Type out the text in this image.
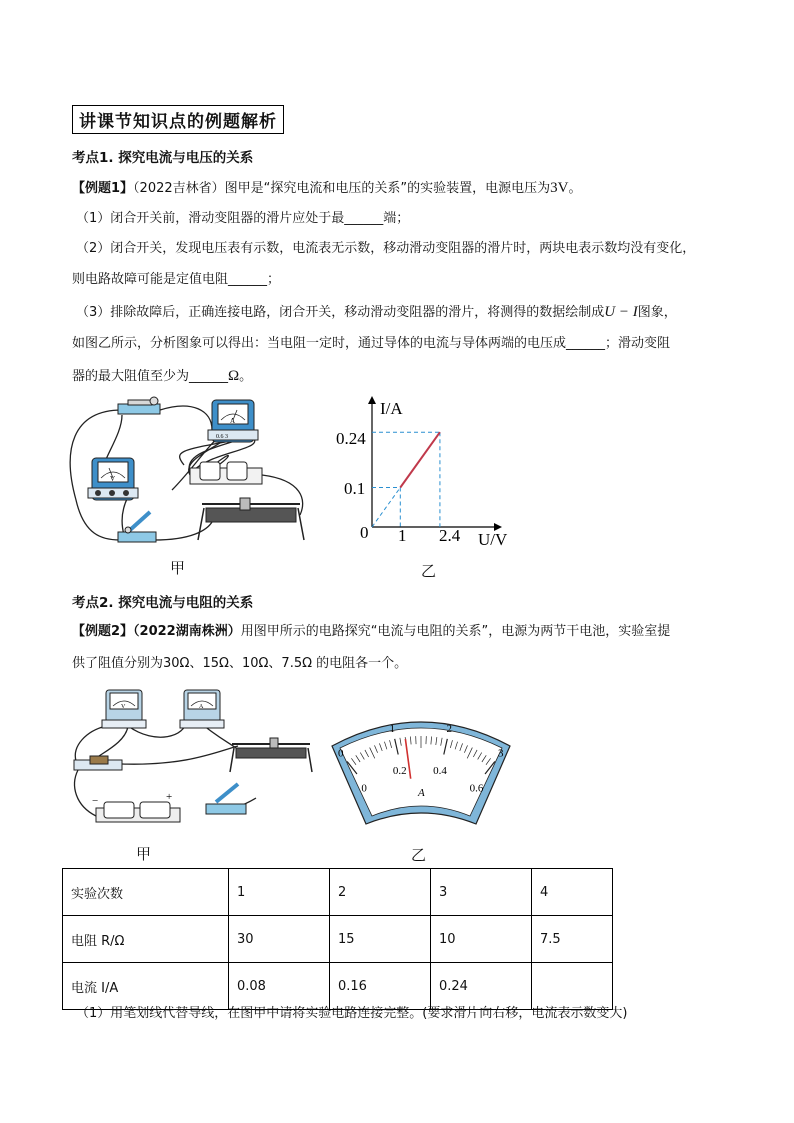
讲课节知识点的例题解析
考点1. 探究电流与电压的关系
【例题1】（2022吉林省）图甲是“探究电流和电压的关系”的实验装置，电源电压为3V。
（1）闭合开关前，滑动变阻器的滑片应处于最______端；
（2）闭合开关，发现电压表有示数，电流表无示数，移动滑动变阻器的滑片时，两块电表示数均没有变化，
则电路故障可能是定值电阻______；
（3）排除故障后，正确连接电路，闭合开关，移动滑动变阻器的滑片，将测得的数据绘制成U − I图象，
如图乙所示，分析图象可以得出：当电阻一定时，通过导体的电流与导体两端的电压成______；滑动变阻
器的最大阻值至少为______Ω。
A
0.6 3
V
甲
I/A
U/V
0 1 2.4
0.1
0.24
乙
考点2. 探究电流与电阻的关系
【例题2】（2022湖南株洲）用图甲所示的电路探究“电流与电阻的关系”，电源为两节干电池，实验室提
供了阻值分别为30Ω、15Ω、10Ω、7.5Ω 的电阻各一个。
V	A
−	+
甲
A
0
1	2
3
0
0.2 0.4
0.6
乙
实验次数	1	2	3	4
电阻 R/Ω	30	15	10	7.5
电流 I/A	0.08	0.16	0.24	
（1）用笔划线代替导线，在图甲中请将实验电路连接完整。(要求滑片向右移，电流表示数变大)
